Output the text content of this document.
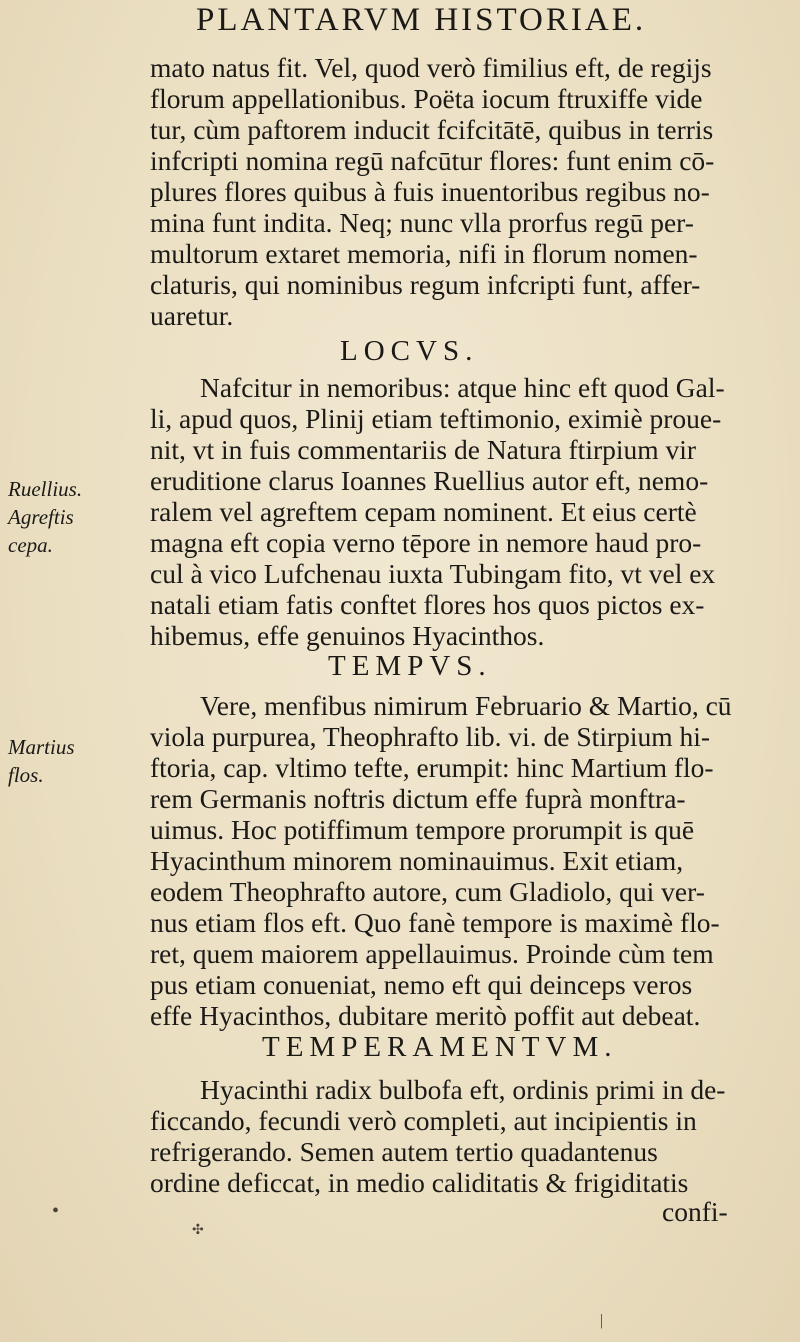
PLANTARVM HISTORIAE.
mato natus fit. Vel, quod verò fimilius eft, de regijs
florum appellationibus. Poëta iocum ftruxiffe vide
tur, cùm paftorem inducit fcifcitātē, quibus in terris
infcripti nomina regū nafcūtur flores: funt enim cō-
plures flores quibus à fuis inuentoribus regibus no-
mina funt indita. Neq; nunc vlla prorfus regū per-
multorum extaret memoria, nifi in florum nomen-
claturis, qui nominibus regum infcripti funt, affer-
uaretur.
LOCVS.
Nafcitur in nemoribus: atque hinc eft quod Gal-
li, apud quos, Plinij etiam teftimonio, eximiè proue-
nit, vt in fuis commentariis de Natura ftirpium vir
eruditione clarus Ioannes Ruellius autor eft, nemo-
ralem vel agreftem cepam nominent. Et eius certè
magna eft copia verno tēpore in nemore haud pro-
cul à vico Lufchenau iuxta Tubingam fito, vt vel ex
natali etiam fatis conftet flores hos quos pictos ex-
hibemus, effe genuinos Hyacinthos.
Ruellius.
Agreftis
cepa.
TEMPVS.
Vere, menfibus nimirum Februario & Martio, cū
viola purpurea, Theophrafto lib. vi. de Stirpium hi-
ftoria, cap. vltimo tefte, erumpit: hinc Martium flo-
rem Germanis noftris dictum effe fuprà monftra-
uimus. Hoc potiffimum tempore prorumpit is quē
Hyacinthum minorem nominauimus. Exit etiam,
eodem Theophrafto autore, cum Gladiolo, qui ver-
nus etiam flos eft. Quo fanè tempore is maximè flo-
ret, quem maiorem appellauimus. Proinde cùm tem
pus etiam conueniat, nemo eft qui deinceps veros
effe Hyacinthos, dubitare meritò poffit aut debeat.
Martius
flos.
TEMPERAMENTVM.
Hyacinthi radix bulbofa eft, ordinis primi in de-
ficcando, fecundi verò completi, aut incipientis in
refrigerando. Semen autem tertio quadantenus
ordine deficcat, in medio caliditatis & frigiditatis
confi-
•
✣
|
